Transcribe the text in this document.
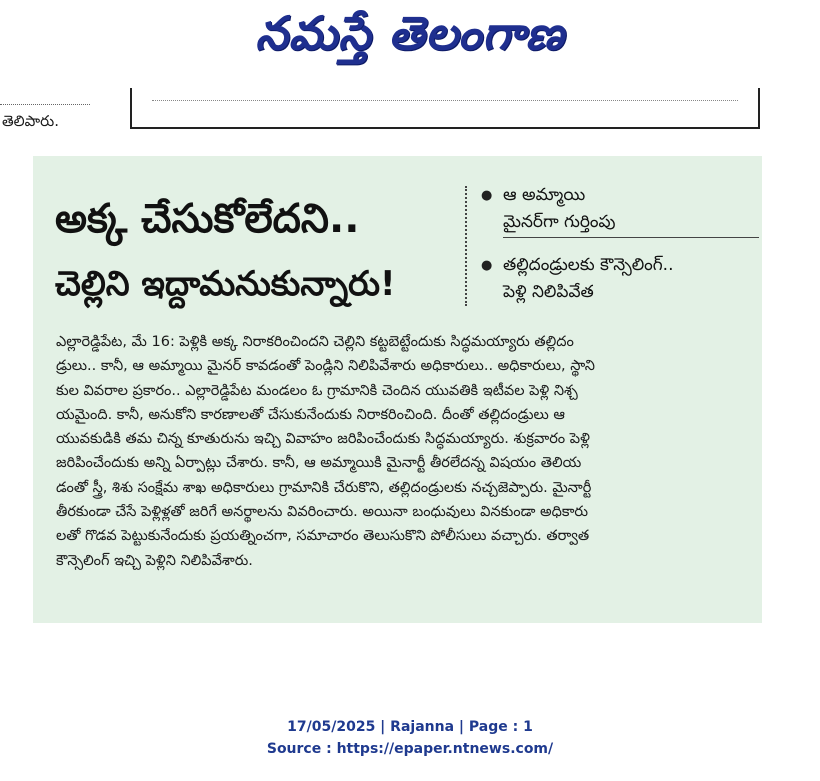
నమస్తే తెలంగాణ
తెలిపారు.
అక్క చేసుకోలేదని..
చెల్లిని ఇద్దామనుకున్నారు!
● ఆ అమ్మాయి
మైనర్‌గా గుర్తింపు
● తల్లిదండ్రులకు కౌన్సెలింగ్..
పెళ్లి నిలిపివేత
ఎల్లారెడ్డిపేట, మే 16: పెళ్లికి అక్క నిరాకరించిందని చెల్లిని కట్టబెట్టేందుకు సిద్ధమయ్యారు తల్లిదం
డ్రులు.. కానీ, ఆ అమ్మాయి మైనర్ కావడంతో పెండ్లిని నిలిపివేశారు అధికారులు.. అధికారులు, స్థాని
కుల వివరాల ప్రకారం.. ఎల్లారెడ్డిపేట మండలం ఓ గ్రామానికి చెందిన యువతికి ఇటీవల పెళ్లి నిశ్చ
యమైంది. కానీ, అనుకోని కారణాలతో చేసుకునేందుకు నిరాకరించింది. దీంతో తల్లిదండ్రులు ఆ
యువకుడికి తమ చిన్న కూతురును ఇచ్చి వివాహం జరిపించేందుకు సిద్ధమయ్యారు. శుక్రవారం పెళ్లి
జరిపించేందుకు అన్ని ఏర్పాట్లు చేశారు. కానీ, ఆ అమ్మాయికి మైనార్టీ తీరలేదన్న విషయం తెలియ
డంతో స్త్రీ, శిశు సంక్షేమ శాఖ అధికారులు గ్రామానికి చేరుకొని, తల్లిదండ్రులకు నచ్చజెప్పారు. మైనార్టీ
తీరకుండా చేసే పెళ్లిళ్లతో జరిగే అనర్థాలను వివరించారు. అయినా బంధువులు వినకుండా అధికారు
లతో గొడవ పెట్టుకునేందుకు ప్రయత్నించగా, సమాచారం తెలుసుకొని పోలీసులు వచ్చారు. తర్వాత
కౌన్సెలింగ్ ఇచ్చి పెళ్లిని నిలిపివేశారు.
17/05/2025 | Rajanna | Page : 1
Source : https://epaper.ntnews.com/
